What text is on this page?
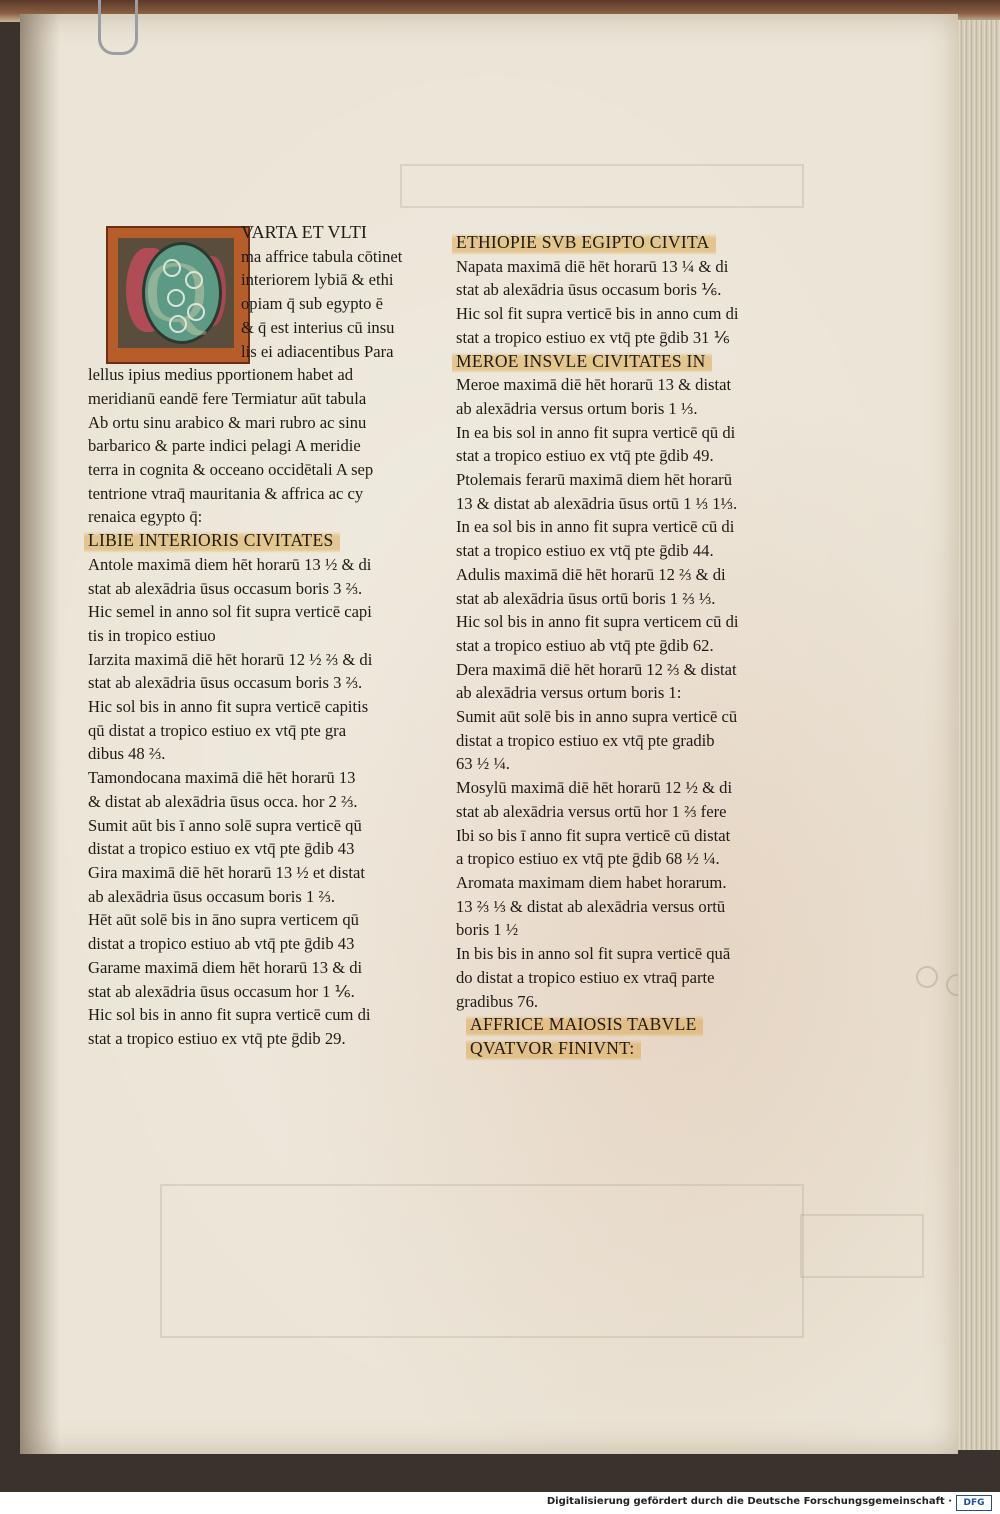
Q

VARTA ET VLTI

ma affrice tabula cōtinet

interiorem lybiā & ethi

opiam q̄ sub egypto ē

& q̄ est interius cū insu

lis ei adiacentibus Para

lellus ipius medius pportionem habet ad

meridianū eandē fere Termiatur aūt tabula

Ab ortu sinu arabico & mari rubro ac sinu

barbarico & parte indici pelagi A meridie

terra in cognita & occeano occidētali A sep

tentrione vtraq̄ mauritania & affrica ac cy

renaica egypto q̄:

LIBIE INTERIORIS CIVITATES

Antole maximā diem hēt horarū 13 ½ & di

stat ab alexādria ūsus occasum boris 3 ⅔.

Hic semel in anno sol fit supra verticē capi

tis in tropico estiuo

Iarzita maximā diē hēt horarū 12 ½ ⅔ & di

stat ab alexādria ūsus occasum boris 3 ⅔.

Hic sol bis in anno fit supra verticē capitis

qū distat a tropico estiuo ex vtq̄ pte gra

dibus 48 ⅔.

Tamondocana maximā diē hēt horarū 13

& distat ab alexādria ūsus occa. hor 2 ⅔.

Sumit aūt bis ī anno solē supra verticē qū

distat a tropico estiuo ex vtq̄ pte ḡdib 43

Gira maximā diē hēt horarū 13 ½ et distat

ab alexādria ūsus occasum boris 1 ⅔.

Hēt aūt solē bis in āno supra verticem qū

distat a tropico estiuo ab vtq̄ pte ḡdib 43

Garame maximā diem hēt horarū 13 & di

stat ab alexādria ūsus occasum hor 1 ⅙.

Hic sol bis in anno fit supra verticē cum di

stat a tropico estiuo ex vtq̄ pte ḡdib 29.

ETHIOPIE SVB EGIPTO CIVITA

Napata maximā diē hēt horarū 13 ¼ & di

stat ab alexādria ūsus occasum boris ⅙.

Hic sol fit supra verticē bis in anno cum di

stat a tropico estiuo ex vtq̄ pte ḡdib 31 ⅙

MEROE INSVLE CIVITATES IN

Meroe maximā diē hēt horarū 13 & distat

ab alexādria versus ortum boris 1 ⅓.

In ea bis sol in anno fit supra verticē qū di

stat a tropico estiuo ex vtq̄ pte ḡdib 49.

Ptolemais ferarū maximā diem hēt horarū

13 & distat ab alexādria ūsus ortū 1 ⅓ 1⅓.

In ea sol bis in anno fit supra verticē cū di

stat a tropico estiuo ex vtq̄ pte ḡdib 44.

Adulis maximā diē hēt horarū 12 ⅔ & di

stat ab alexādria ūsus ortū boris 1 ⅔ ⅓.

Hic sol bis in anno fit supra verticem cū di

stat a tropico estiuo ab vtq̄ pte ḡdib 62.

Dera maximā diē hēt horarū 12 ⅔ & distat

ab alexādria versus ortum boris 1:

Sumit aūt solē bis in anno supra verticē cū

distat a tropico estiuo ex vtq̄ pte gradib

63 ½ ¼.

Mosylū maximā diē hēt horarū 12 ½ & di

stat ab alexādria versus ortū hor 1 ⅔ fere

Ibi so bis ī anno fit supra verticē cū distat

a tropico estiuo ex vtq̄ pte ḡdib 68 ½ ¼.

Aromata maximam diem habet horarum.

13 ⅔ ⅓ & distat ab alexādria versus ortū

boris 1 ½

In bis bis in anno sol fit supra verticē quā

do distat a tropico estiuo ex vtraq̄ parte

gradibus 76.

AFFRICE MAIOSIS TABVLE

QVATVOR FINIVNT:

Digitalisierung gefördert durch die Deutsche Forschungsgemeinschaft ·	DFG
